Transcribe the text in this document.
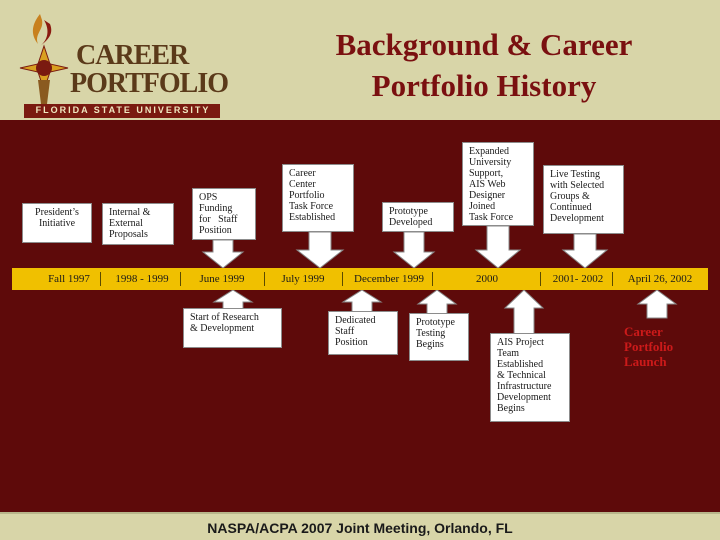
CAREER
PORTFOLIO
FLORIDA STATE UNIVERSITY
Background & Career
Portfolio History
President’s
Initiative
Internal &
External
Proposals
OPS
Funding
for   Staff
Position
Career
Center
Portfolio
Task Force
Established
Prototype
Developed
Expanded
University
Support,
AIS Web
Designer
Joined
Task Force
Live Testing
with Selected
Groups &
Continued
Development
Fall 1997	1998 - 1999	June 1999	July 1999	December 1999	2000	2001- 2002	April 26, 2002
Start of Research
& Development
Dedicated
Staff
Position
Prototype
Testing
Begins	AIS Project
Team
Established
& Technical
Infrastructure
Development
Begins
Career
Portfolio
Launch
NASPA/ACPA 2007 Joint Meeting, Orlando, FL
